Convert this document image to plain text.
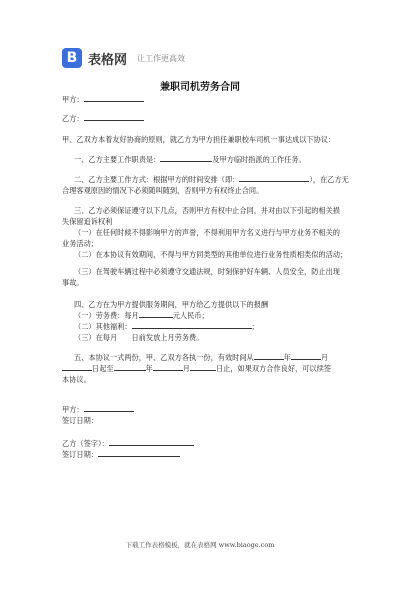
B 表格网 让工作更高效
兼职司机劳务合同
甲方：
乙方：
甲、乙双方本着友好协商的原则，就乙方为甲方担任兼职校车司机一事达成以下协议：
一、乙方主要工作职责是：	及甲方临时指派的工作任务。
二、乙方主要工作方式：根据甲方的时间安排（即：	），在乙方无
合理客观原因的情况下必须随叫随到，否则甲方有权终止合同。
三、乙方必须保证遵守以下几点，否则甲方有权中止合同，并对由以下引起的相关损
失保留追诉权利
（一）在任何时候不得影响甲方的声誉，不得利用甲方名义进行与甲方业务不相关的
业务活动；
（二）在本协议有效期间，不得与甲方同类型的其他单位进行业务性质相类似的活动；
（三）在驾驶车辆过程中必须遵守交通法规，时刻保护好车辆、人员安全，防止出现
事故。
四、乙方在为甲方提供服务期间，甲方给乙方提供以下的报酬
（一）劳务费：每月	元人民币；
（二）其他福利：	；
（三）在每月　　日前发放上月劳务费。
五、本协议一式两份，甲、乙双方各执一份，有效时间从	年	月
日起至	年	月	日止，如果双方合作良好，可以续签
本协议。
甲方：
签订日期：
乙方（签字）：
签订日期：
下载工作表格模板，就在表格网 www.biaoge.com
